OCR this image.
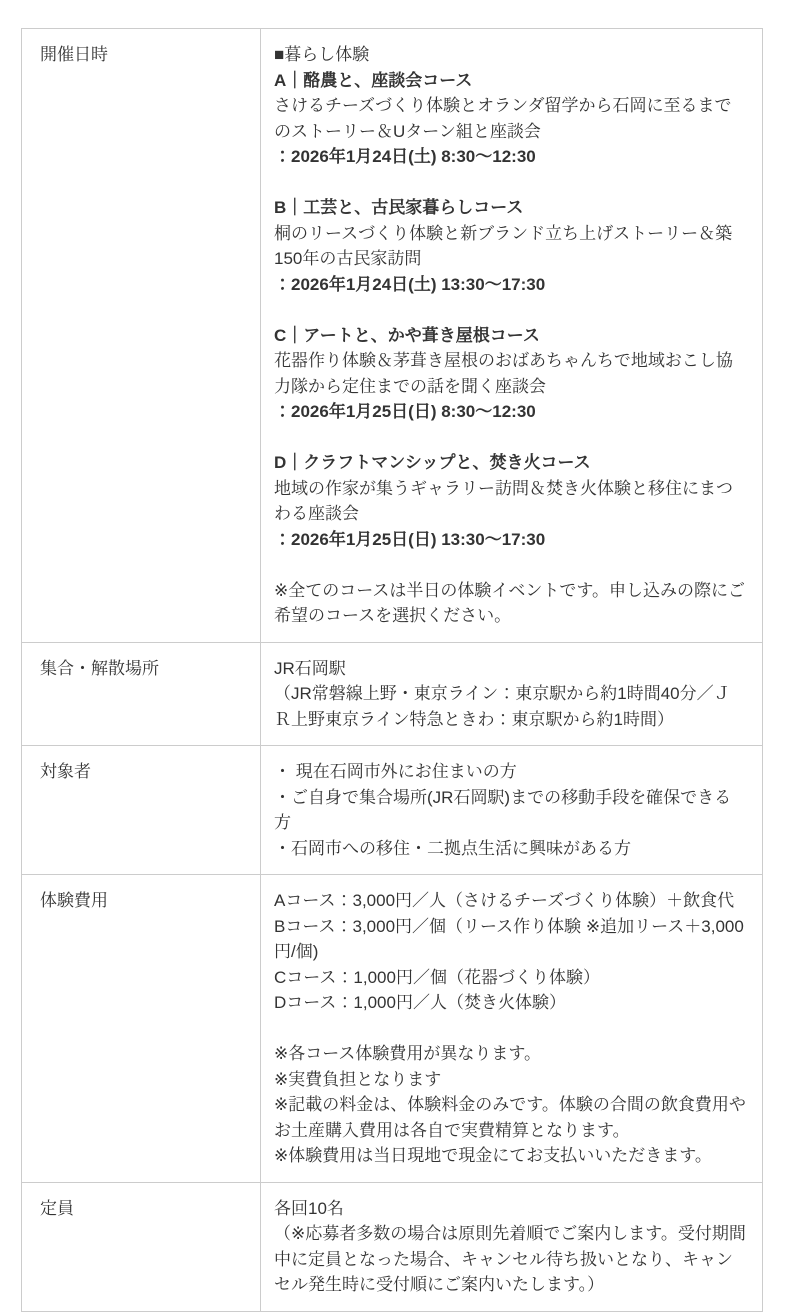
開催日時	■暮らし体験
A｜酪農と、座談会コース
さけるチーズづくり体験とオランダ留学から石岡に至るまでのストーリー＆Uターン組と座談会
：2026年1月24日(土) 8:30〜12:30
B｜工芸と、古民家暮らしコース
桐のリースづくり体験と新ブランド立ち上げストーリー＆築150年の古民家訪問
：2026年1月24日(土) 13:30〜17:30
C｜アートと、かや葺き屋根コース
花器作り体験＆茅葺き屋根のおばあちゃんちで地域おこし協力隊から定住までの話を聞く座談会
：2026年1月25日(日) 8:30〜12:30
D｜クラフトマンシップと、焚き火コース
地域の作家が集うギャラリー訪問＆焚き火体験と移住にまつわる座談会
：2026年1月25日(日) 13:30〜17:30
※全てのコースは半日の体験イベントです。申し込みの際にご希望のコースを選択ください。

集合・解散場所	JR石岡駅
（JR常磐線上野・東京ライン：東京駅から約1時間40分／ＪＲ上野東京ライン特急ときわ：東京駅から約1時間）

対象者	・ 現在石岡市外にお住まいの方
・ご自身で集合場所(JR石岡駅)までの移動手段を確保できる方
・石岡市への移住・二拠点生活に興味がある方

体験費用	Aコース：3,000円／人（さけるチーズづくり体験）＋飲食代
Bコース：3,000円／個（リース作り体験 ※追加リース＋3,000円/個)
Cコース：1,000円／個（花器づくり体験）
Dコース：1,000円／人（焚き火体験）
※各コース体験費用が異なります。
※実費負担となります
※記載の料金は、体験料金のみです。体験の合間の飲食費用やお土産購入費用は各自で実費精算となります。
※体験費用は当日現地で現金にてお支払いいただきます。

定員	各回10名
（※応募者多数の場合は原則先着順でご案内します。受付期間中に定員となった場合、キャンセル待ち扱いとなり、キャンセル発生時に受付順にご案内いたします。）
